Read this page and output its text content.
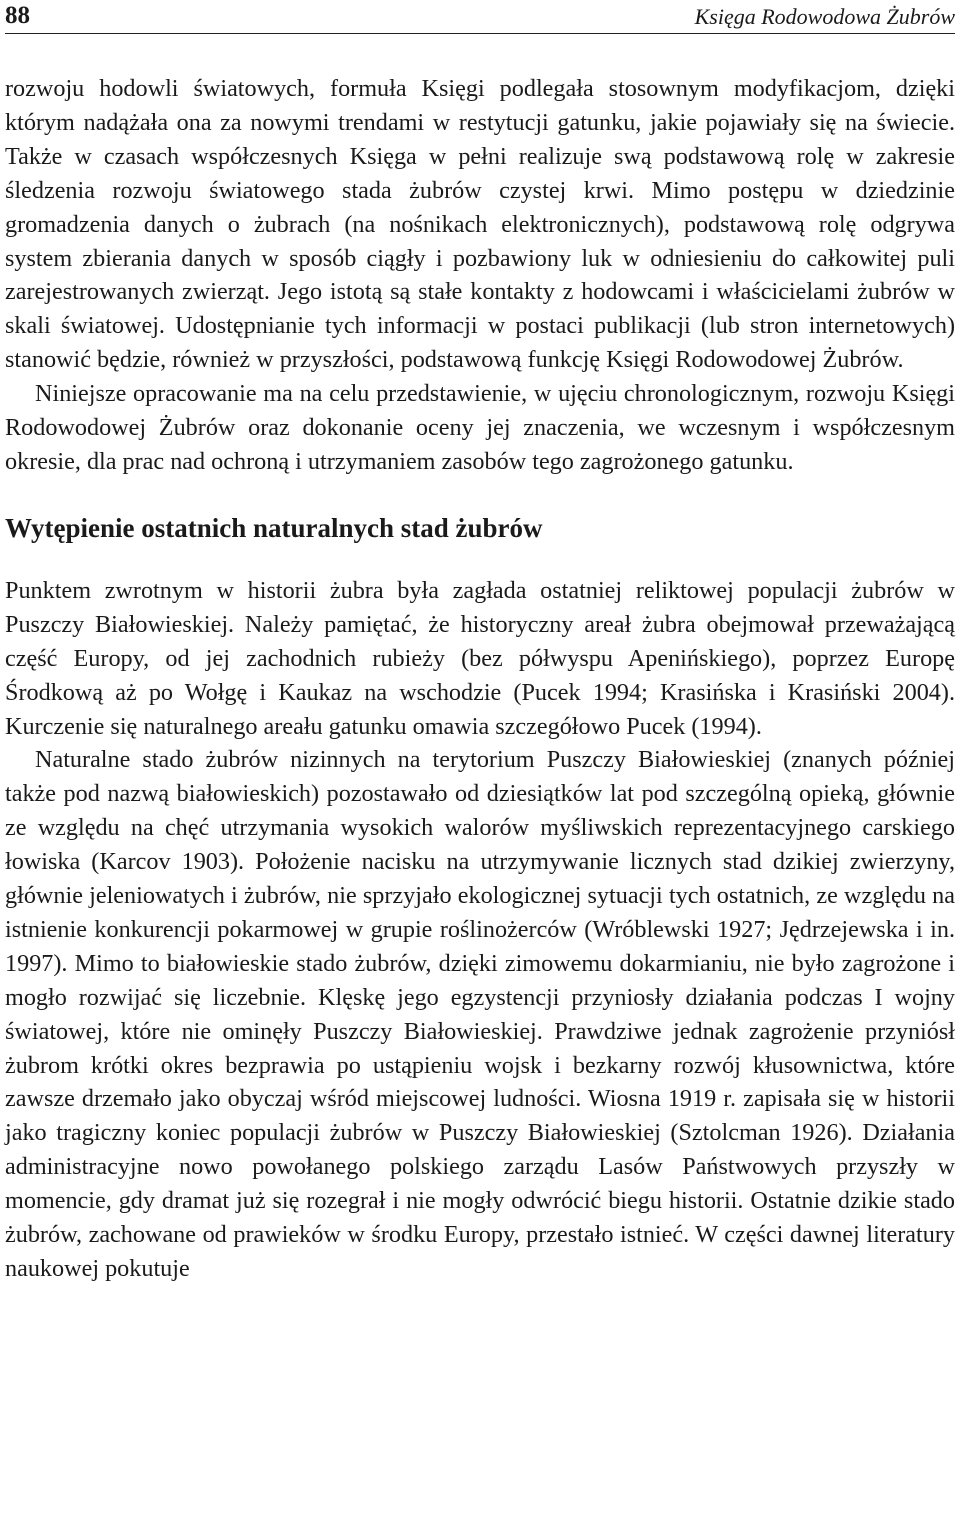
88	Księga Rodowodowa Żubrów

rozwoju hodowli światowych, formuła Księgi podlegała stosownym modyfikacjom, dzięki którym nadążała ona za nowymi trendami w restytucji gatunku, jakie pojawiały się na świecie. Także w czasach współczesnych Księga w pełni realizuje swą podstawową rolę w zakresie śledzenia rozwoju światowego stada żubrów czystej krwi. Mimo postępu w dziedzinie gromadzenia danych o żubrach (na nośnikach elektronicznych), podstawową rolę odgrywa system zbierania danych w sposób ciągły i pozbawiony luk w odniesieniu do całkowitej puli zarejestrowanych zwierząt. Jego istotą są stałe kontakty z hodowcami i właścicielami żubrów w skali światowej. Udostępnianie tych informacji w postaci publikacji (lub stron internetowych) stanowić będzie, również w przyszłości, podstawową funkcję Księgi Rodowodowej Żubrów.

Niniejsze opracowanie ma na celu przedstawienie, w ujęciu chronologicznym, rozwoju Księgi Rodowodowej Żubrów oraz dokonanie oceny jej znaczenia, we wczesnym i współczesnym okresie, dla prac nad ochroną i utrzymaniem zasobów tego zagrożonego gatunku.

Wytępienie ostatnich naturalnych stad żubrów

Punktem zwrotnym w historii żubra była zagłada ostatniej reliktowej populacji żubrów w Puszczy Białowieskiej. Należy pamiętać, że historyczny areał żubra obejmował przeważającą część Europy, od jej zachodnich rubieży (bez półwyspu Apenińskiego), poprzez Europę Środkową aż po Wołgę i Kaukaz na wschodzie (Pucek 1994; Krasińska i Krasiński 2004). Kurczenie się naturalnego areału gatunku omawia szczegółowo Pucek (1994).

Naturalne stado żubrów nizinnych na terytorium Puszczy Białowieskiej (znanych później także pod nazwą białowieskich) pozostawało od dziesiątków lat pod szczególną opieką, głównie ze względu na chęć utrzymania wysokich walorów myśliwskich reprezentacyjnego carskiego łowiska (Karcov 1903). Położenie nacisku na utrzymywanie licznych stad dzikiej zwierzyny, głównie jeleniowatych i żubrów, nie sprzyjało ekologicznej sytuacji tych ostatnich, ze względu na istnienie konkurencji pokarmowej w grupie roślinożerców (Wróblewski 1927; Jędrzejewska i in. 1997). Mimo to białowieskie stado żubrów, dzięki zimowemu dokarmianiu, nie było zagrożone i mogło rozwijać się liczebnie. Klęskę jego egzystencji przyniosły działania podczas I wojny światowej, które nie ominęły Puszczy Białowieskiej. Prawdziwe jednak zagrożenie przyniósł żubrom krótki okres bezprawia po ustąpieniu wojsk i bezkarny rozwój kłusownictwa, które zawsze drzemało jako obyczaj wśród miejscowej ludności. Wiosna 1919 r. zapisała się w historii jako tragiczny koniec populacji żubrów w Puszczy Białowieskiej (Sztolcman 1926). Działania administracyjne nowo powołanego polskiego zarządu Lasów Państwowych przyszły w momencie, gdy dramat już się rozegrał i nie mogły odwrócić biegu historii. Ostatnie dzikie stado żubrów, zachowane od prawieków w środku Europy, przestało istnieć. W części dawnej literatury naukowej pokutuje
